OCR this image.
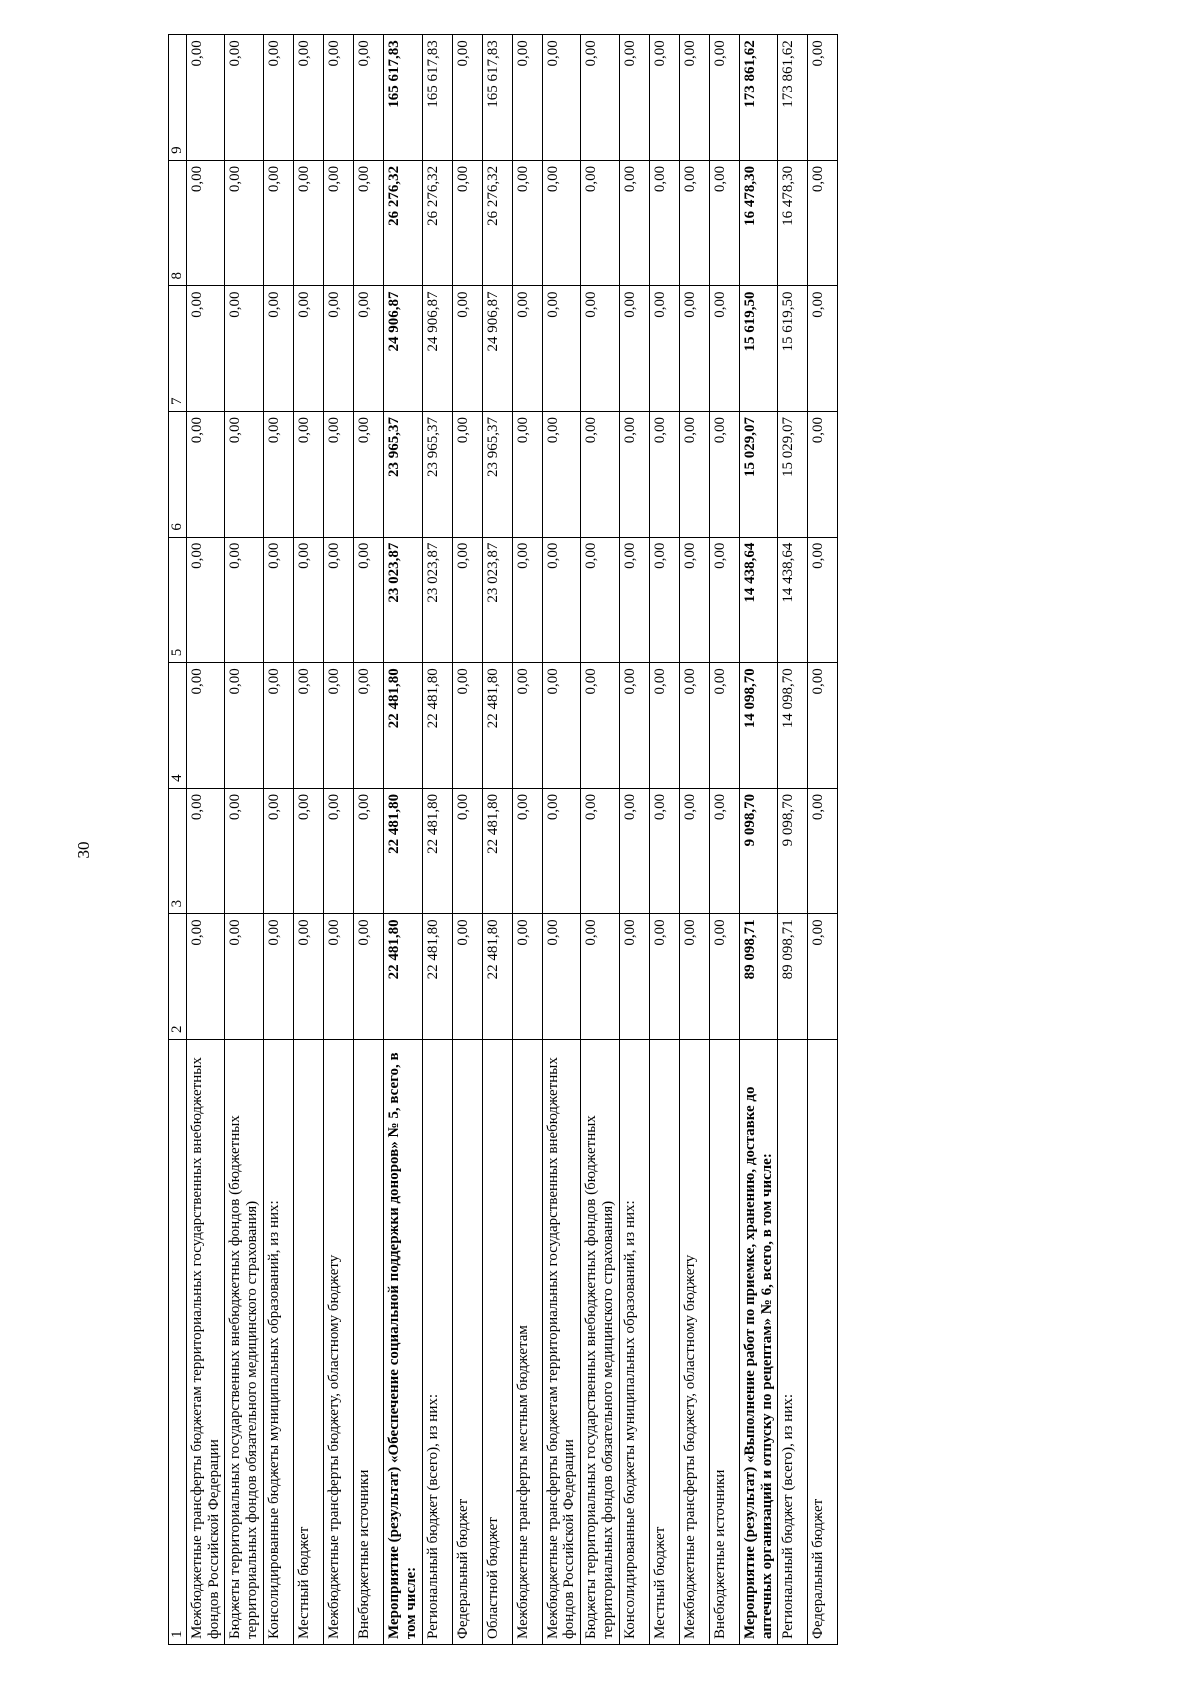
30
1	2	3	4	5	6	7	8	9
Межбюджетные трансферты бюджетам территориальных государственных внебюджетных фондов Российской Федерации	0,00	0,00	0,00	0,00	0,00	0,00	0,00	0,00
Бюджеты территориальных государственных внебюджетных фондов (бюджетных территориальных фондов обязательного медицинского страхования)	0,00	0,00	0,00	0,00	0,00	0,00	0,00	0,00
Консолидированные бюджеты муниципальных образований, из них:	0,00	0,00	0,00	0,00	0,00	0,00	0,00	0,00
Местный бюджет	0,00	0,00	0,00	0,00	0,00	0,00	0,00	0,00
Межбюджетные трансферты бюджету, областному бюджету	0,00	0,00	0,00	0,00	0,00	0,00	0,00	0,00
Внебюджетные источники	0,00	0,00	0,00	0,00	0,00	0,00	0,00	0,00
Мероприятие (результат) «Обеспечение социальной поддержки доноров» № 5, всего, в том числе:	22 481,80	22 481,80	22 481,80	23 023,87	23 965,37	24 906,87	26 276,32	165 617,83
Региональный бюджет (всего), из них:	22 481,80	22 481,80	22 481,80	23 023,87	23 965,37	24 906,87	26 276,32	165 617,83
Федеральный бюджет	0,00	0,00	0,00	0,00	0,00	0,00	0,00	0,00
Областной бюджет	22 481,80	22 481,80	22 481,80	23 023,87	23 965,37	24 906,87	26 276,32	165 617,83
Межбюджетные трансферты местным бюджетам	0,00	0,00	0,00	0,00	0,00	0,00	0,00	0,00
Межбюджетные трансферты бюджетам территориальных государственных внебюджетных фондов Российской Федерации	0,00	0,00	0,00	0,00	0,00	0,00	0,00	0,00
Бюджеты территориальных государственных внебюджетных фондов (бюджетных территориальных фондов обязательного медицинского страхования)	0,00	0,00	0,00	0,00	0,00	0,00	0,00	0,00
Консолидированные бюджеты муниципальных образований, из них:	0,00	0,00	0,00	0,00	0,00	0,00	0,00	0,00
Местный бюджет	0,00	0,00	0,00	0,00	0,00	0,00	0,00	0,00
Межбюджетные трансферты бюджету, областному бюджету	0,00	0,00	0,00	0,00	0,00	0,00	0,00	0,00
Внебюджетные источники	0,00	0,00	0,00	0,00	0,00	0,00	0,00	0,00
Мероприятие (результат) «Выполнение работ по приемке, хранению, доставке до аптечных организаций и отпуску по рецептам» № 6, всего, в том числе:	89 098,71	9 098,70	14 098,70	14 438,64	15 029,07	15 619,50	16 478,30	173 861,62
Региональный бюджет (всего), из них:	89 098,71	9 098,70	14 098,70	14 438,64	15 029,07	15 619,50	16 478,30	173 861,62
Федеральный бюджет	0,00	0,00	0,00	0,00	0,00	0,00	0,00	0,00
